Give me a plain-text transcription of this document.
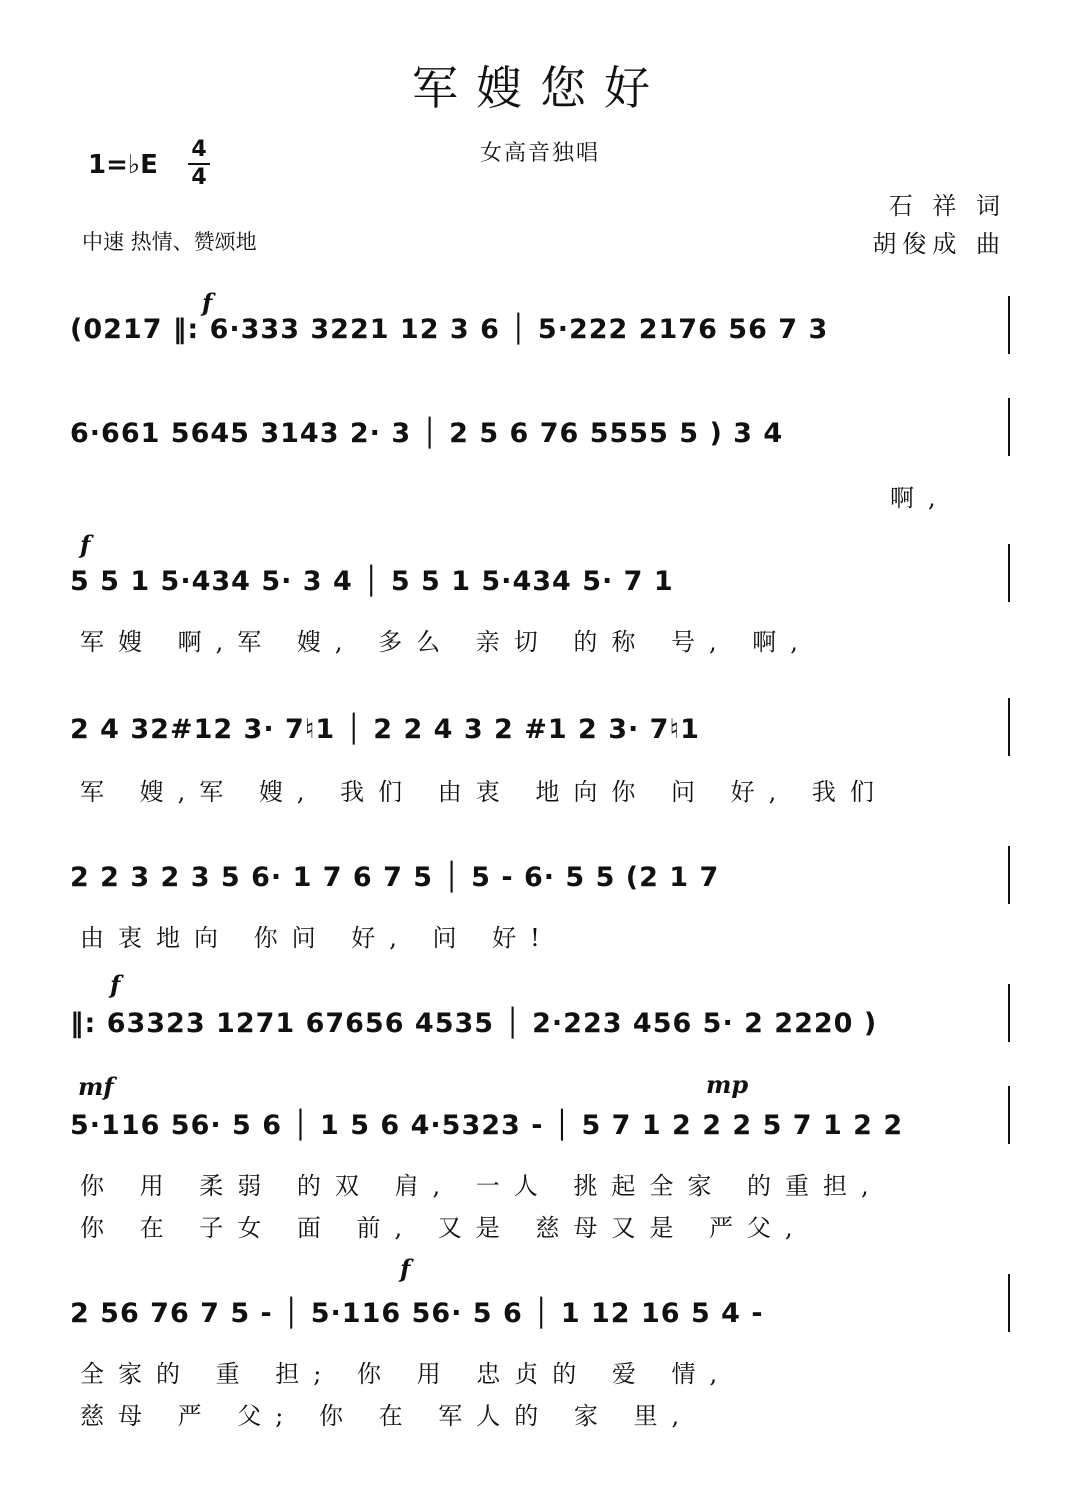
军嫂您好
女高音独唱
1=♭E
4
4
中速 热情、赞颂地
石 祥 词
胡俊成 曲
f
(0217 ‖: 6·333 3221 12 3 6 │ 5·222 2176 56 7 3
6·661 5645 3143 2· 3 │ 2 5 6 76 5555 5 ) 3 4
啊,
f
5 5 1 5·434 5· 3 4 │ 5 5 1 5·434 5· 7 1
军嫂 啊,军 嫂, 多么 亲切 的称 号, 啊,
2 4 32#12 3· 7♮1 │ 2 2 4 3 2 #1 2 3· 7♮1
军 嫂,军 嫂, 我们 由衷 地向你 问 好, 我们
2 2 3 2 3 5 6· 1 7 6 7 5 │ 5 - 6· 5 5 (2 1 7
由衷地向 你问 好, 问 好!
f
‖: 63323 1271 67656 4535 │ 2·223 456 5· 2 2220 )
mf	mp
5·116 56· 5 6 │ 1 5 6 4·5323 - │ 5 7 1 2 2 2 5 7 1 2 2
你 用 柔弱 的双 肩, 一人 挑起全家 的重担,
你 在 子女 面 前, 又是 慈母又是 严父,
f
2 56 76 7 5 - │ 5·116 56· 5 6 │ 1 12 16 5 4 -
全家的 重 担; 你 用 忠贞的 爱 情,
慈母 严 父; 你 在 军人的 家 里,
